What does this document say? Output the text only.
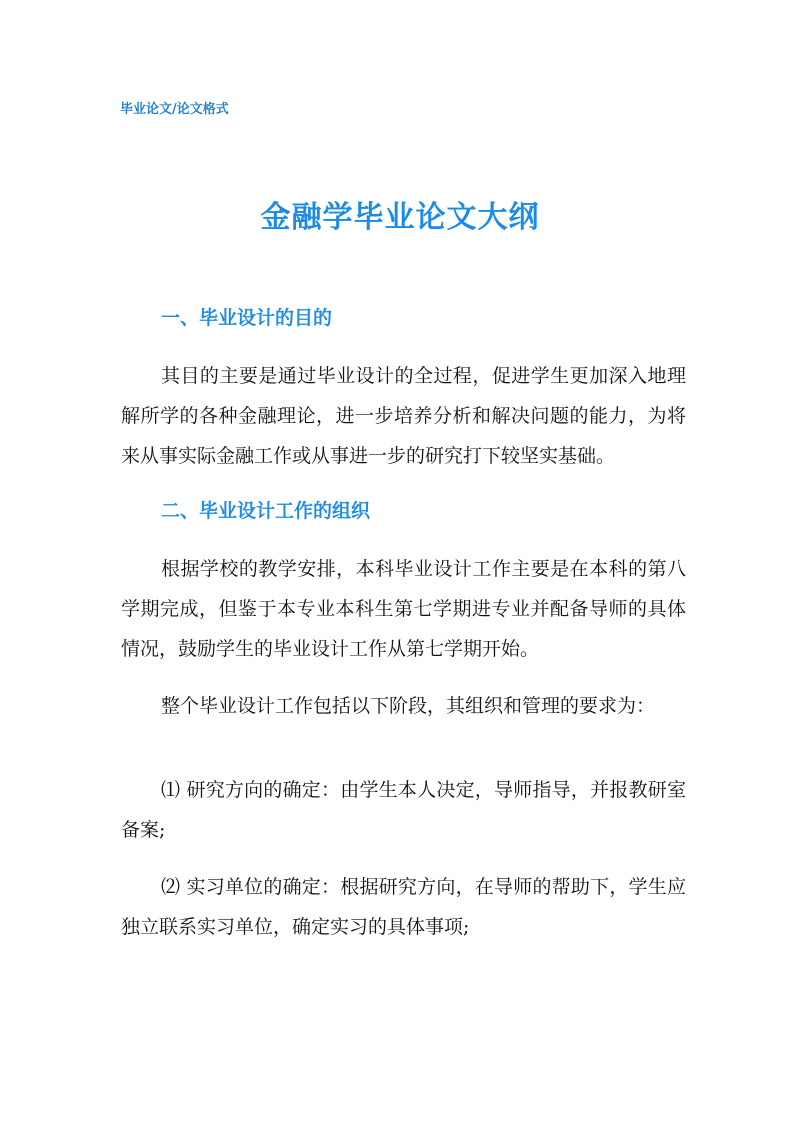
毕业论文/论文格式
金融学毕业论文大纲

一、毕业设计的目的

其目的主要是通过毕业设计的全过程，促进学生更加深入地理解所学的各种金融理论，进一步培养分析和解决问题的能力，为将来从事实际金融工作或从事进一步的研究打下较坚实基础。

二、毕业设计工作的组织

根据学校的教学安排，本科毕业设计工作主要是在本科的第八学期完成，但鉴于本专业本科生第七学期进专业并配备导师的具体情况，鼓励学生的毕业设计工作从第七学期开始。

整个毕业设计工作包括以下阶段，其组织和管理的要求为：

⑴ 研究方向的确定：由学生本人决定，导师指导，并报教研室备案;

⑵ 实习单位的确定：根据研究方向，在导师的帮助下，学生应独立联系实习单位，确定实习的具体事项;
